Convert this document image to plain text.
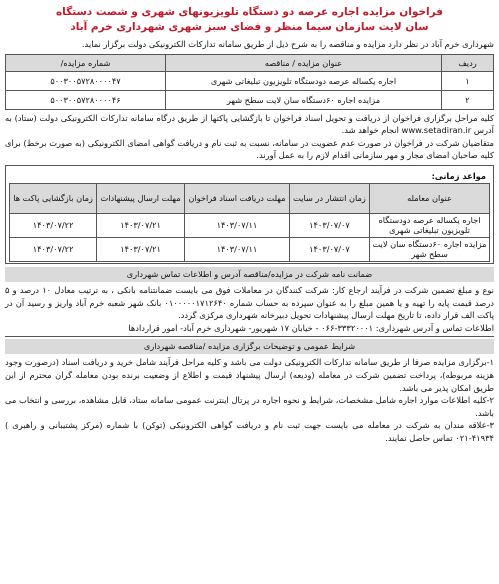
فراخوان مزایده اجاره عرصه دو دستگاه تلویزیونهای شهری و شصت دستگاه
سان لایت سازمان سیما منظر و فضای سبز شهری شهرداری خرم آباد
شهرداری خرم آباد در نظر دارد مزایده و مناقصه را به شرح ذیل از طریق سامانه تدارکات الکترونیکی دولت برگزار نماید.
ردیف	عنوان مزایده / مناقصه	شماره مزایده/
۱	اجاره یکساله عرصه دودستگاه تلویزیون تبلیغاتی شهری	۵۰۰۳۰۰۵۷۲۸۰۰۰۰۴۷
۲	مزایده اجاره ۶۰دستگاه سان لایت سطح شهر	۵۰۰۳۰۰۵۷۲۸۰۰۰۰۴۶
کلیه مراحل برگزاری فراخوان از دریافت و تحویل اسناد فراخوان تا بازگشایی پاکتها از طریق درگاه سامانه تدارکات الکترونیکی دولت (ستاد) به آدرس www.setadiran.ir انجام خواهد شد.
متقاضیان شرکت در فراخوان در صورت عدم عضویت در سامانه، نسبت به ثبت نام و دریافت گواهی امضای الکترونیکی (به صورت برخط) برای کلیه صاحبان امضای مجاز و مهر سازمانی اقدام لازم را به عمل آورند.
مواعد زمانی:
عنوان معامله	زمان انتشار در سایت	مهلت دریافت اسناد فراخوان	مهلت ارسال پیشنهادات	زمان بازگشایی پاکت ها
اجاره یکساله عرصه دودستگاه تلویزیون تبلیغاتی شهری	۱۴۰۳/۰۷/۰۷	۱۴۰۳/۰۷/۱۱	۱۴۰۳/۰۷/۲۱	۱۴۰۳/۰۷/۲۲
مزایده اجاره ۶۰دستگاه سان لایت سطح شهر	۱۴۰۳/۰۷/۰۷	۱۴۰۳/۰۷/۱۱	۱۴۰۳/۰۷/۲۱	۱۴۰۳/۰۷/۲۲
ضمانت نامه شرکت در مزایده/مناقصه آدرس و اطلاعات تماس شهرداری
نوع و مبلغ تضمین شرکت در فرآیند ارجاع کار: شرکت کنندگان در معاملات فوق می بایست ضمانتنامه بانکی ، به ترتیب معادل ۱۰ درصد و ۵ درصد قیمت پایه را تهیه و یا همین مبلغ را به عنوان سپرده به حساب شماره ۰۱۰۰۰۰۰۱۷۱۲۶۴۰ بانک شهر شعبه خرم آباد واریز و رسید آن در پاکت الف قرار داده، تا تاریخ مهلت ارسال پیشنهادات تحویل دبیرخانه شهرداری مرکزی گردد.
اطلاعات تماس و آدرس شهرداری: ۳۳۳۲۰۰۰۱-۰۶۶ - خیابان ۱۷ شهریور- شهرداری خرم آباد- امور قراردادها
شرایط عمومی و توضیحات برگزاری مزایده /مناقصه شهرداری
۱-برگزاری مزایده صرفا از طریق سامانه تدارکات الکترونیکی دولت می باشد و کلیه مراحل فرآیند شامل خرید و دریافت اسناد (درصورت وجود هزینه مربوطه)، پرداخت تضمین شرکت در معامله (ودیعه) ارسال پیشنهاد قیمت و اطلاع از وضعیت برنده بودن معامله گران محترم از این طریق امکان پذیر می باشد.
۲-کلیه اطلاعات موارد اجاره شامل مشخصات، شرایط و نحوه اجاره در پرتال اینترنت عمومی سامانه ستاد، قابل مشاهده، بررسی و انتخاب می باشد.
۳-علاقه مندان به شرکت در معامله می بایست جهت ثبت نام و دریافت گواهی الکترونیکی (توکن) با شماره (مرکز پشتیبانی و راهبری ) ۴۱۹۳۴-۰۲۱ تماس حاصل نمایند.
